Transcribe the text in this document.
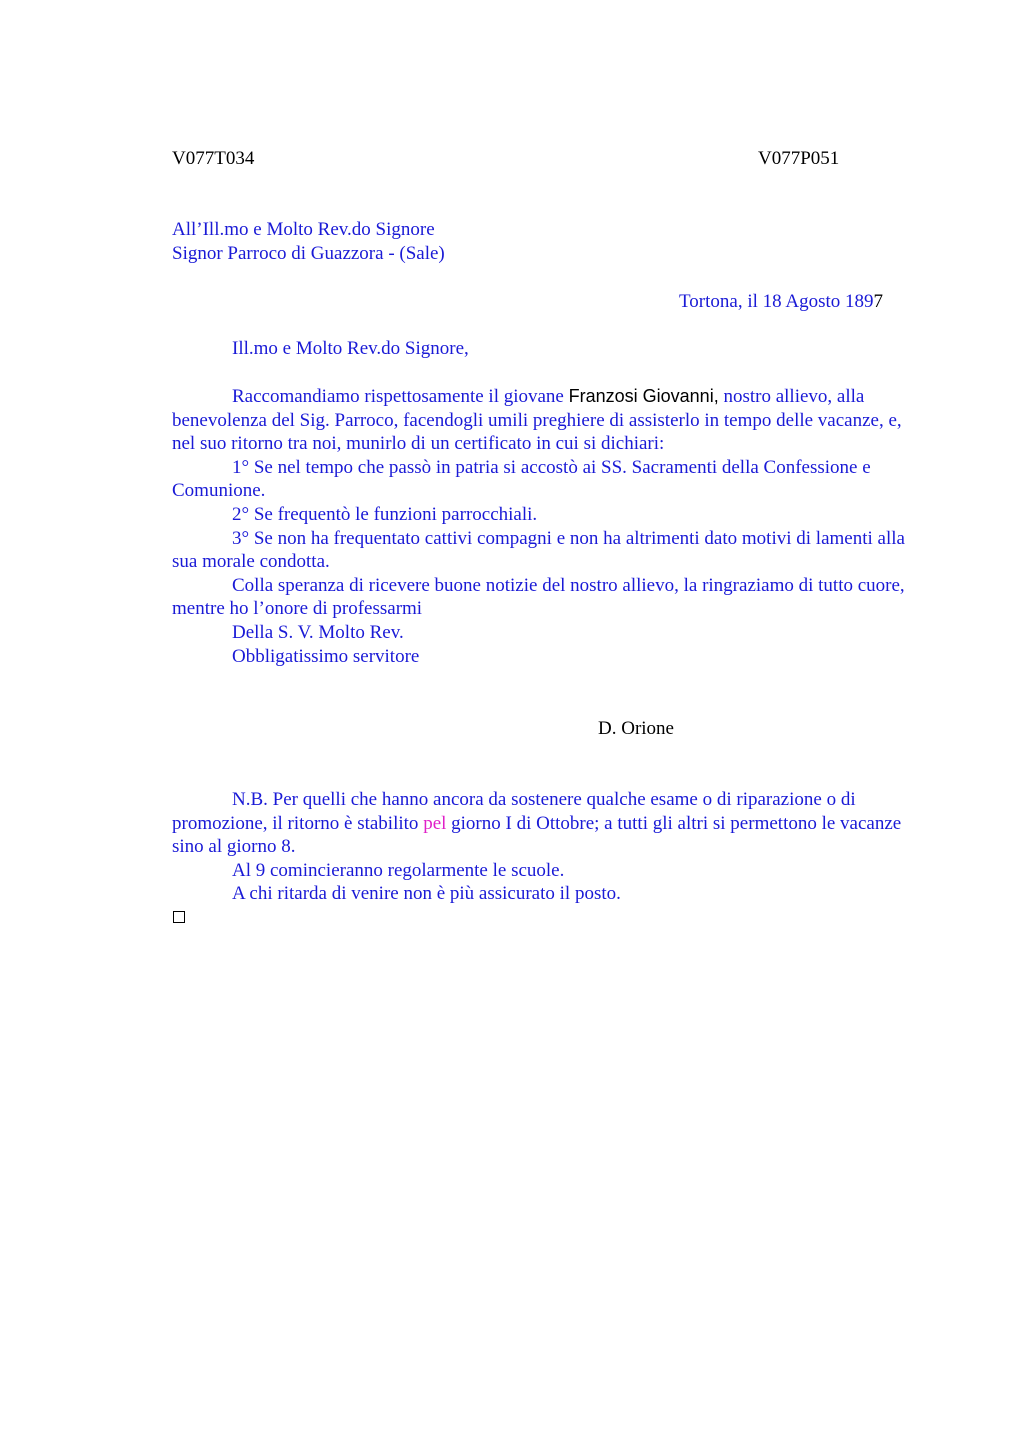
V077T034	V077P051

All’Ill.mo e Molto Rev.do Signore

Signor Parroco di Guazzora - (Sale)

Tortona, il 18 Agosto 1897

Ill.mo e Molto Rev.do Signore,

Raccomandiamo rispettosamente il giovane Franzosi Giovanni, nostro allievo, alla benevolenza del Sig. Parroco, facendogli umili preghiere di assisterlo in tempo delle vacanze, e, nel suo ritorno tra noi, munirlo di un certificato in cui si dichiari:

1° Se nel tempo che passò in patria si accostò ai SS. Sacramenti della Confessione e Comunione.

2° Se frequentò le funzioni parrocchiali.

3° Se non ha frequentato cattivi compagni e non ha altrimenti dato motivi di lamenti alla sua morale condotta.

Colla speranza di ricevere buone notizie del nostro allievo, la ringraziamo di tutto cuore, mentre ho l’onore di professarmi

Della S. V. Molto Rev.

Obbligatissimo servitore

D. Orione

N.B. Per quelli che hanno ancora da sostenere qualche esame o di riparazione o di promozione, il ritorno è stabilito pel giorno I di Ottobre; a tutti gli altri si permettono le vacanze sino al giorno 8.

Al 9 comincieranno regolarmente le scuole.

A chi ritarda di venire non è più assicurato il posto.
